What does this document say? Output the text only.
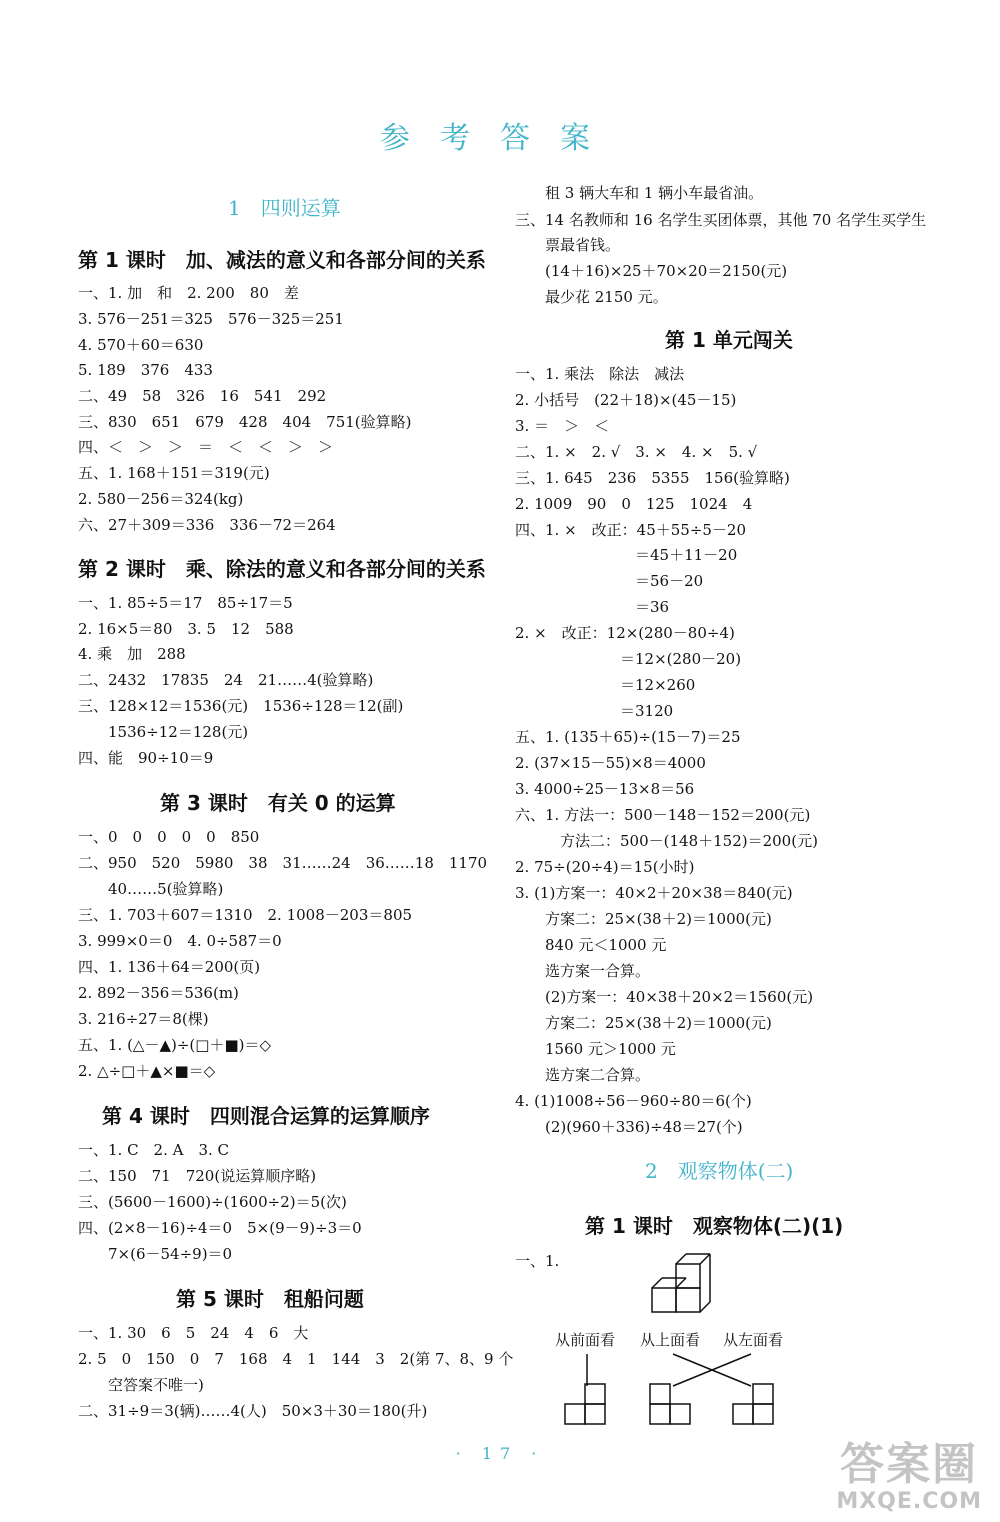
参考答案
1　四则运算
第 1 课时　加、减法的意义和各部分间的关系
一、1. 加　和　2. 200　80　差
3. 576－251＝325　576－325＝251
4. 570＋60＝630
5. 189　376　433
二、49　58　326　16　541　292
三、830　651　679　428　404　751(验算略)
四、＜　＞　＞　＝　＜　＜　＞　＞
五、1. 168＋151＝319(元)
2. 580－256＝324(kg)
六、27＋309＝336　336－72＝264
第 2 课时　乘、除法的意义和各部分间的关系
一、1. 85÷5＝17　85÷17＝5
2. 16×5＝80　3. 5　12　588
4. 乘　加　288
二、2432　17835　24　21……4(验算略)
三、128×12＝1536(元)　1536÷128＝12(副)
　　1536÷12＝128(元)
四、能　90÷10＝9
第 3 课时　有关 0 的运算
一、0　0　0　0　0　850
二、950　520　5980　38　31……24　36……18　1170
　　40……5(验算略)
三、1. 703＋607＝1310　2. 1008－203＝805
3. 999×0＝0　4. 0÷587＝0
四、1. 136＋64＝200(页)
2. 892－356＝536(m)
3. 216÷27＝8(棵)
五、1. (△－▲)÷(□＋■)＝◇
2. △÷□＋▲×■＝◇
第 4 课时　四则混合运算的运算顺序
一、1. C　2. A　3. C
二、150　71　720(说运算顺序略)
三、(5600－1600)÷(1600÷2)＝5(次)
四、(2×8－16)÷4＝0　5×(9－9)÷3＝0
　　7×(6－54÷9)＝0
第 5 课时　租船问题
一、1. 30　6　5　24　4　6　大
2. 5　0　150　0　7　168　4　1　144　3　2(第 7、8、9 个
　　空答案不唯一)
二、31÷9＝3(辆)……4(人)　50×3＋30＝180(升)
　　租 3 辆大车和 1 辆小车最省油。
三、14 名教师和 16 名学生买团体票，其他 70 名学生买学生
　　票最省钱。
　　(14＋16)×25＋70×20＝2150(元)
　　最少花 2150 元。
第 1 单元闯关
一、1. 乘法　除法　减法
2. 小括号　(22＋18)×(45－15)
3. ＝　＞　＜
二、1. ×　2. √　3. ×　4. ×　5. √
三、1. 645　236　5355　156(验算略)
2. 1009　90　0　125　1024　4
四、1. ×　改正：45＋55÷5－20
　　　　　　　　＝45＋11－20
　　　　　　　　＝56－20
　　　　　　　　＝36
2. ×　改正：12×(280－80÷4)
　　　　　　　＝12×(280－20)
　　　　　　　＝12×260
　　　　　　　＝3120
五、1. (135＋65)÷(15－7)＝25
2. (37×15－55)×8＝4000
3. 4000÷25－13×8＝56
六、1. 方法一：500－148－152＝200(元)
　　　方法二：500－(148＋152)＝200(元)
2. 75÷(20÷4)＝15(小时)
3. (1)方案一：40×2＋20×38＝840(元)
　　方案二：25×(38＋2)＝1000(元)
　　840 元＜1000 元
　　选方案一合算。
　　(2)方案一：40×38＋20×2＝1560(元)
　　方案二：25×(38＋2)＝1000(元)
　　1560 元＞1000 元
　　选方案二合算。
4. (1)1008÷56－960÷80＝6(个)
　　(2)(960＋336)÷48＝27(个)
2　观察物体(二)
第 1 课时　观察物体(二)(1)
一、1.
从前面看 从上面看 从左面看
· 17 ·	答案圈
MXQE.COM
